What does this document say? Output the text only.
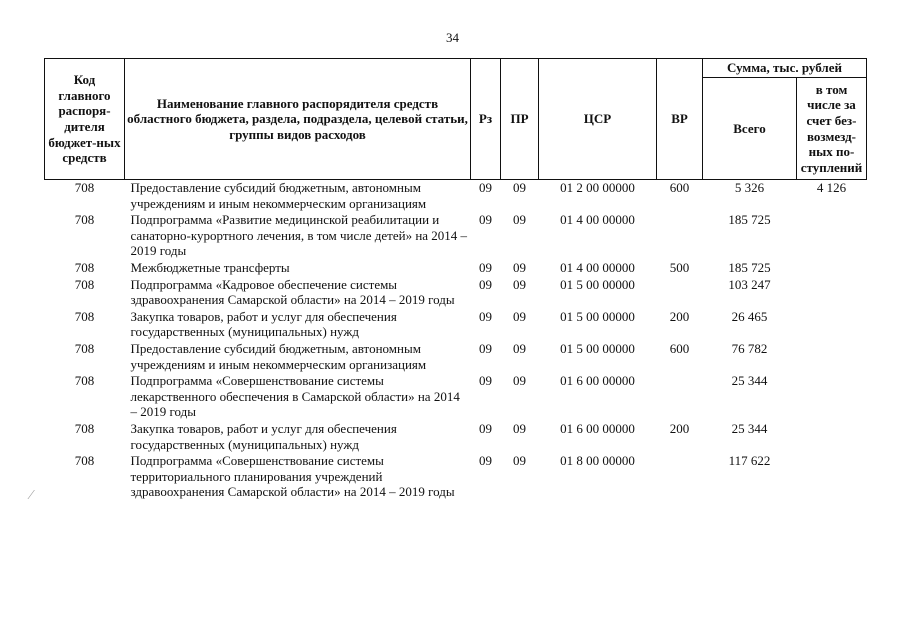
34
Код главного распоря-дителя бюджет-ных средств	Наименование главного распорядителя средств областного бюджета, раздела, подраздела, целевой статьи, группы видов расходов	Рз	ПР	ЦСР	ВР	Сумма, тыс. рублей	
						Всего	в том числе за счет без-возмезд-ных по-ступлений
708	Предоставление субсидий бюджетным, автономным учреждениям и иным некоммерческим организациям	09	09	01 2 00 00000	600	5 326	4 126
708	Подпрограмма «Развитие медицинской реабилитации и санаторно-курортного лечения, в том числе детей» на 2014 – 2019 годы	09	09	01 4 00 00000		185 725	
708	Межбюджетные трансферты	09	09	01 4 00 00000	500	185 725	
708	Подпрограмма «Кадровое обеспечение системы здравоохранения Самарской области» на 2014 – 2019 годы	09	09	01 5 00 00000		103 247	
708	Закупка товаров, работ и услуг для обеспечения государственных (муниципальных) нужд	09	09	01 5 00 00000	200	26 465	
708	Предоставление субсидий бюджетным, автономным учреждениям и иным некоммерческим организациям	09	09	01 5 00 00000	600	76 782	
708	Подпрограмма «Совершенствование системы лекарственного обеспечения в Самарской области» на 2014 – 2019 годы	09	09	01 6 00 00000		25 344	
708	Закупка товаров, работ и услуг для обеспечения государственных (муниципальных) нужд	09	09	01 6 00 00000	200	25 344	
708	Подпрограмма «Совершенствование системы территориального планирования учреждений здравоохранения Самарской области» на 2014 – 2019 годы	09	09	01 8 00 00000		117 622	
⁄
